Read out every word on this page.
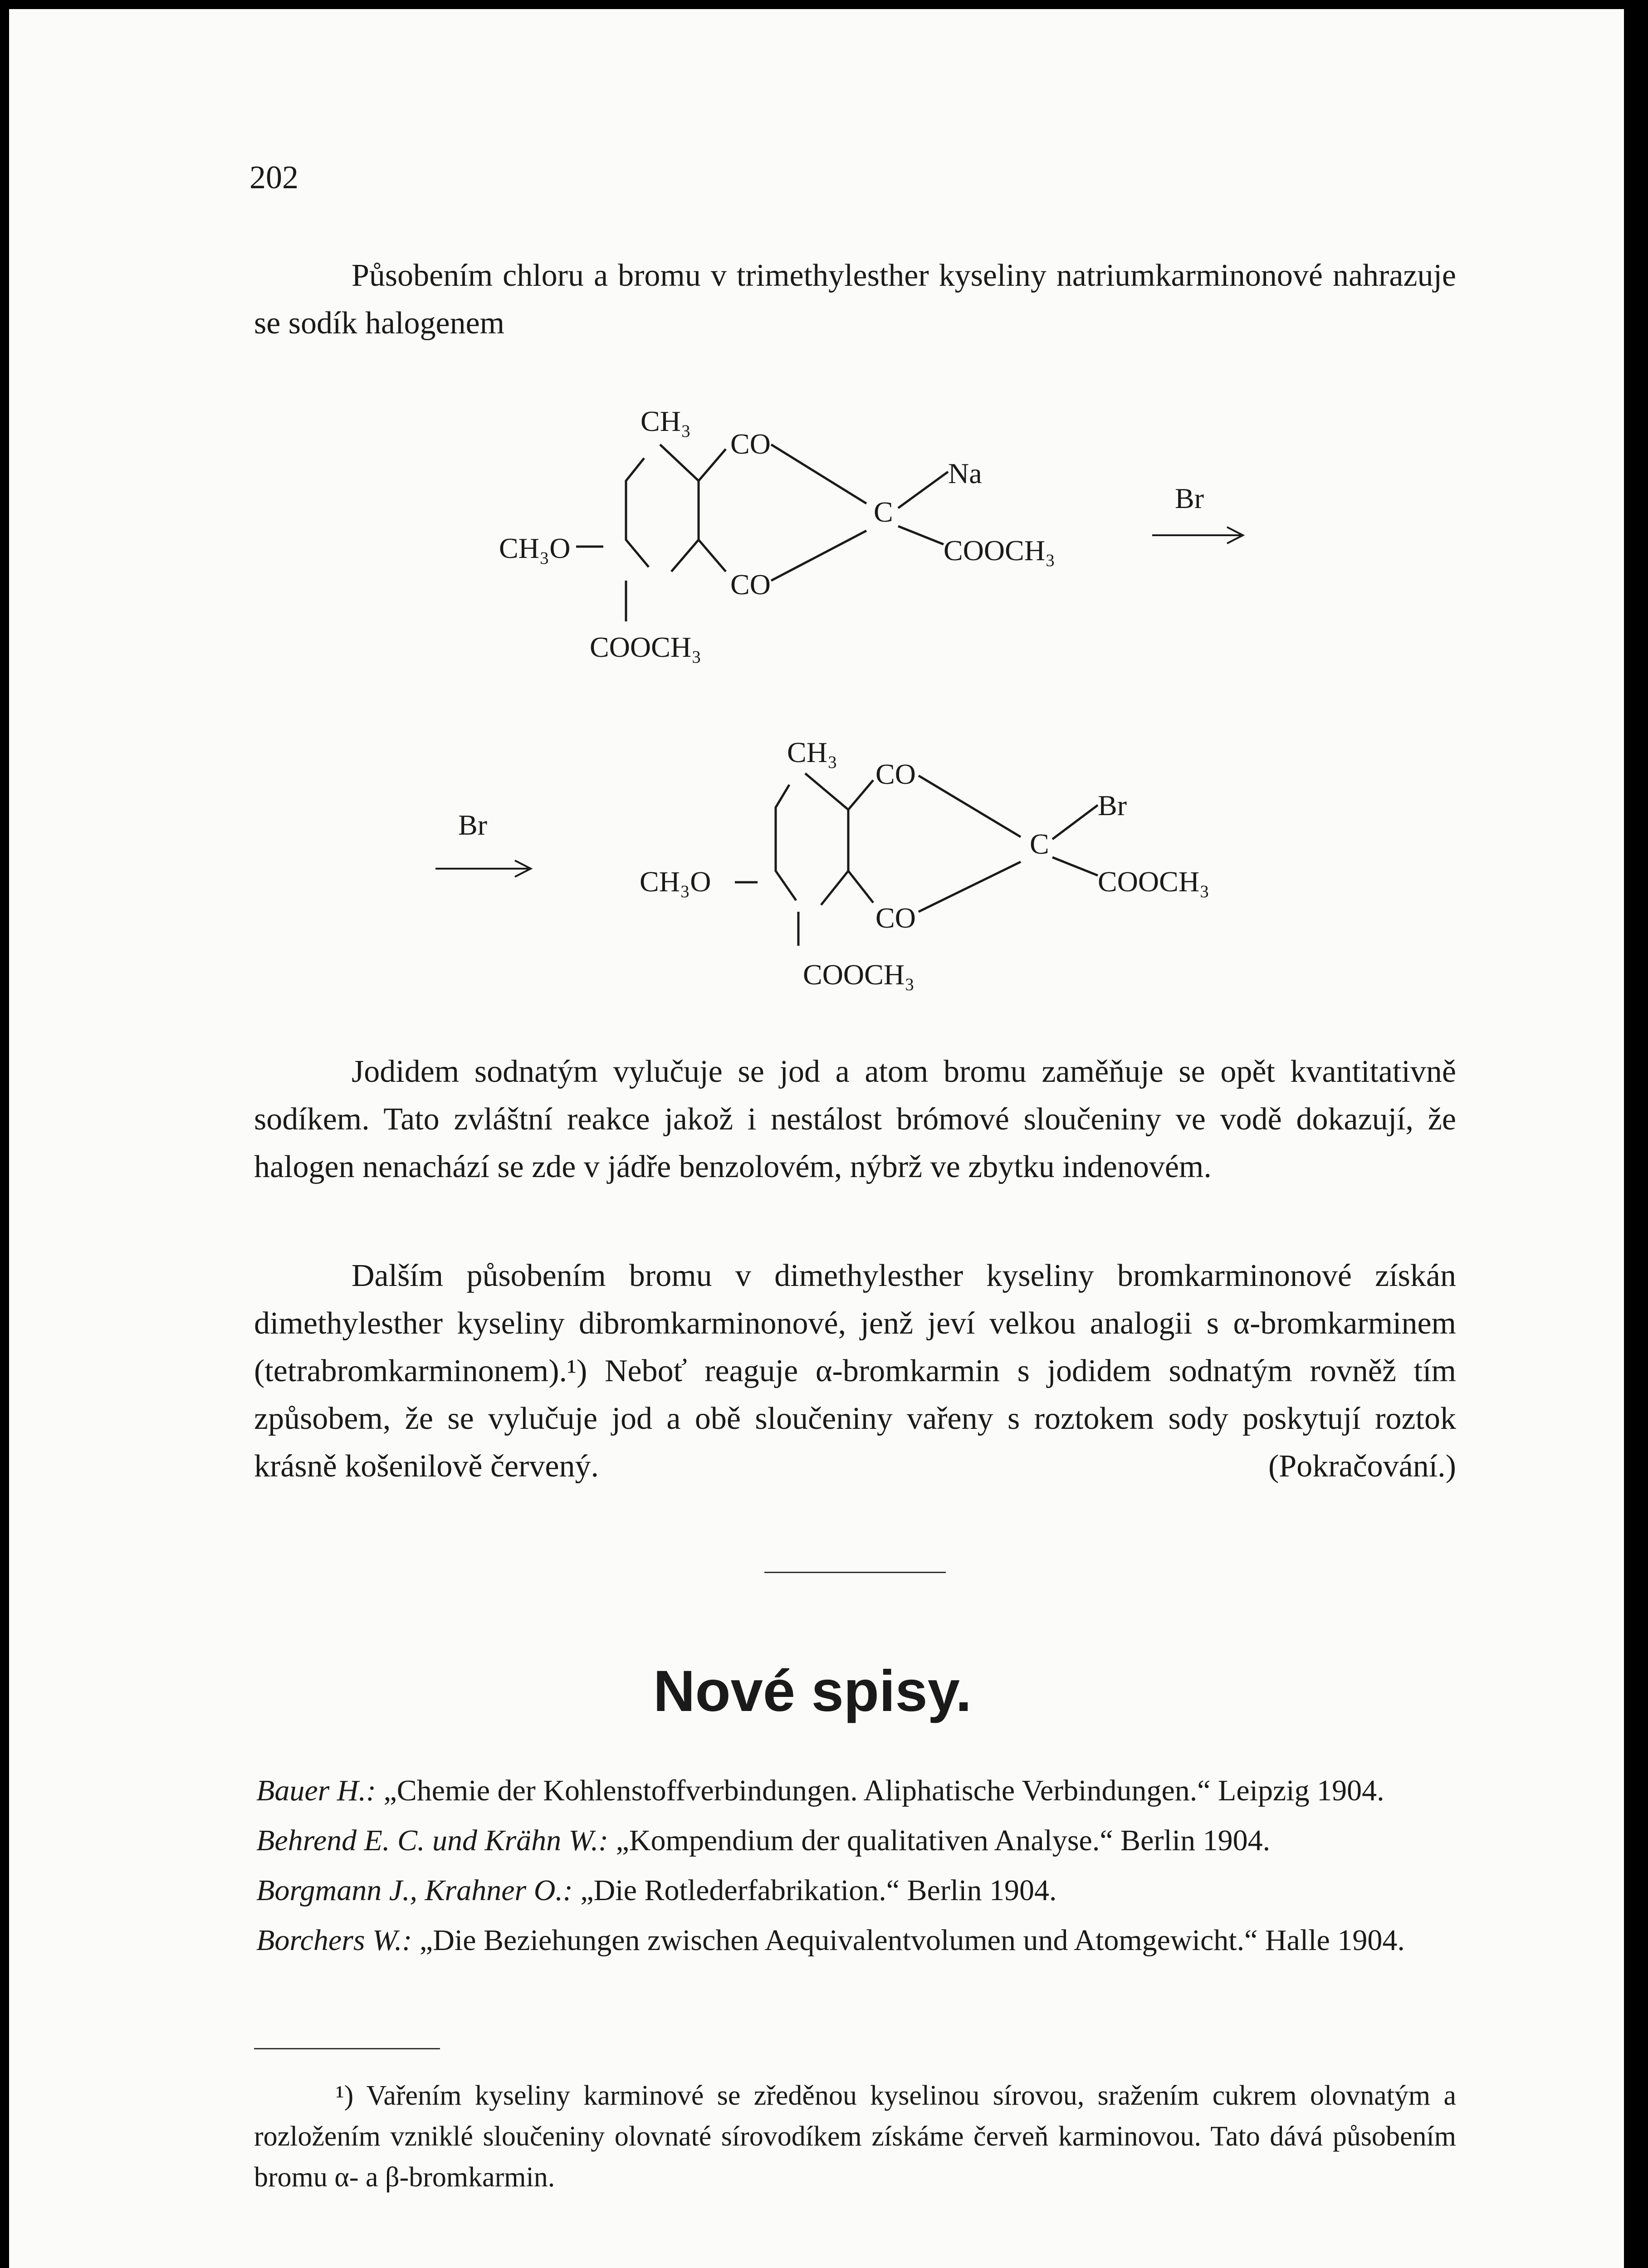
202

Působením chloru a bromu v trimethylesther kyseliny natriumkarminonové nahrazuje se sodík halogenem

CH₃
CO
CH₃O
CO
COOCH₃
C
Na
COOCH₃
Br
Br
CH₃
CO
CH₃O
CO
COOCH₃
C
Br
COOCH₃

Jodidem sodnatým vylučuje se jod a atom bromu zaměňuje se opět kvantitativně sodíkem. Tato zvláštní reakce jakož i nestálost brómové sloučeniny ve vodě dokazují, že halogen nenachází se zde v jádře benzolovém, nýbrž ve zbytku indenovém.

Dalším působením bromu v dimethylesther kyseliny bromkarminonové získán dimethylesther kyseliny dibromkarminonové, jenž jeví velkou analogii s α-bromkarminem (tetrabromkarminonem).¹) Neboť reaguje α-bromkarmin s jodidem sodnatým rovněž tím způsobem, že se vylučuje jod a obě sloučeniny vařeny s roztokem sody poskytují roztok krásně košenilově červený.	(Pokračování.)

Nové spisy.
Bauer H.: „Chemie der Kohlenstoffverbindungen. Aliphatische Verbindungen.“ Leipzig 1904.
Behrend E. C. und Krähn W.: „Kompendium der qualitativen Analyse.“ Berlin 1904.
Borgmann J., Krahner O.: „Die Rotlederfabrikation.“ Berlin 1904.
Borchers W.: „Die Beziehungen zwischen Aequivalentvolumen und Atomgewicht.“ Halle 1904.

¹) Vařením kyseliny karminové se zředěnou kyselinou sírovou, sražením cukrem olovnatým a rozložením vzniklé sloučeniny olovnaté sírovodíkem získáme červeň karminovou. Tato dává působením bromu α- a β-bromkarmin.
